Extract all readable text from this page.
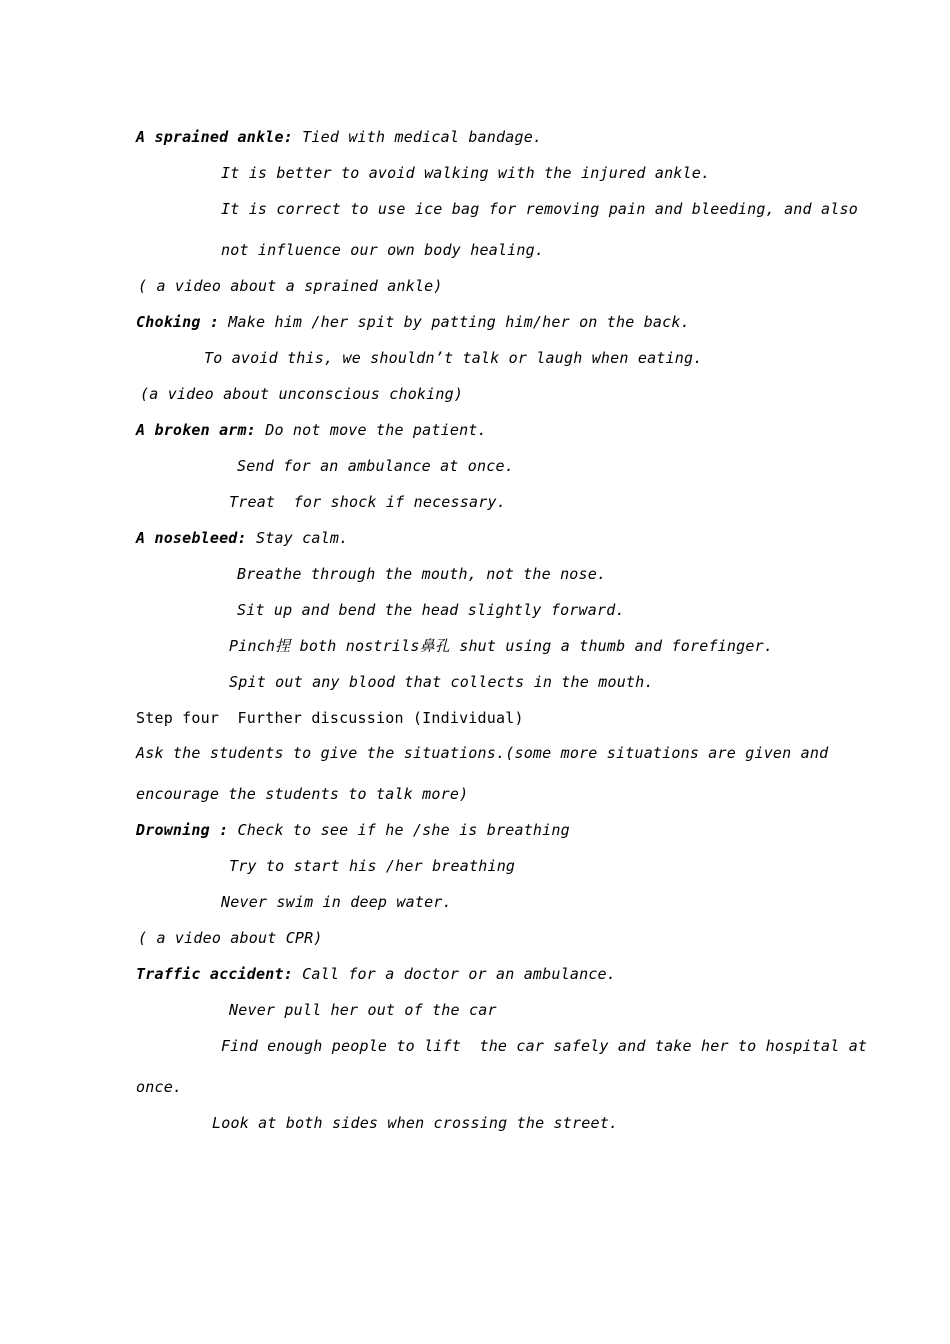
A sprained ankle: Tied with medical bandage.
It is better to avoid walking with the injured ankle.
It is correct to use ice bag for removing pain and bleeding, and also
not influence our own body healing.
( a video about a sprained ankle)
Choking : Make him /her spit by patting him/her on the back.
To avoid this, we shouldn’t talk or laugh when eating.
(a video about unconscious choking)
A broken arm: Do not move the patient.
Send for an ambulance at once.
Treat  for shock if necessary.
A nosebleed: Stay calm.
Breathe through the mouth, not the nose.
Sit up and bend the head slightly forward.
Pinch捏 both nostrils鼻孔 shut using a thumb and forefinger.
Spit out any blood that collects in the mouth.
Step four  Further discussion (Individual)
Ask the students to give the situations.(some more situations are given and
encourage the students to talk more)
Drowning : Check to see if he /she is breathing
Try to start his /her breathing
Never swim in deep water.
( a video about CPR)
Traffic accident: Call for a doctor or an ambulance.
Never pull her out of the car
Find enough people to lift  the car safely and take her to hospital at
once.
Look at both sides when crossing the street.
